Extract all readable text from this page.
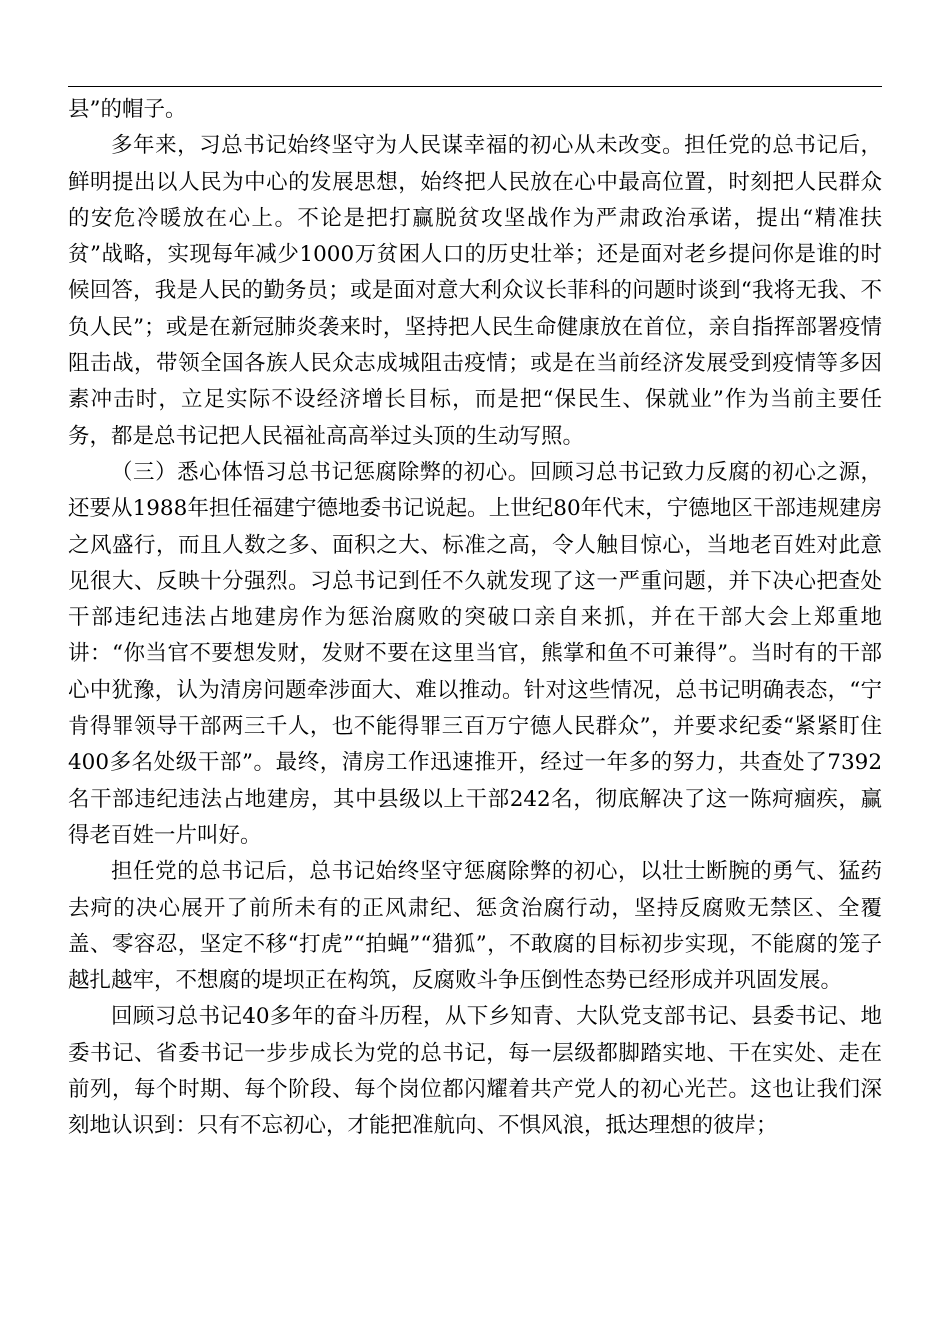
县”的帽子。

多年来，习总书记始终坚守为人民谋幸福的初心从未改变。担任党的总书记后，鲜明提出以人民为中心的发展思想，始终把人民放在心中最高位置，时刻把人民群众的安危冷暖放在心上。不论是把打赢脱贫攻坚战作为严肃政治承诺，提出“精准扶贫”战略，实现每年减少1000万贫困人口的历史壮举；还是面对老乡提问你是谁的时候回答，我是人民的勤务员；或是面对意大利众议长菲科的问题时谈到“我将无我、不负人民”；或是在新冠肺炎袭来时，坚持把人民生命健康放在首位，亲自指挥部署疫情阻击战，带领全国各族人民众志成城阻击疫情；或是在当前经济发展受到疫情等多因素冲击时，立足实际不设经济增长目标，而是把“保民生、保就业”作为当前主要任务，都是总书记把人民福祉高高举过头顶的生动写照。

（三）悉心体悟习总书记惩腐除弊的初心。回顾习总书记致力反腐的初心之源，还要从1988年担任福建宁德地委书记说起。上世纪80年代末，宁德地区干部违规建房之风盛行，而且人数之多、面积之大、标准之高，令人触目惊心，当地老百姓对此意见很大、反映十分强烈。习总书记到任不久就发现了这一严重问题，并下决心把查处干部违纪违法占地建房作为惩治腐败的突破口亲自来抓，并在干部大会上郑重地讲：“你当官不要想发财，发财不要在这里当官，熊掌和鱼不可兼得”。当时有的干部心中犹豫，认为清房问题牵涉面大、难以推动。针对这些情况，总书记明确表态，“宁肯得罪领导干部两三千人，也不能得罪三百万宁德人民群众”，并要求纪委“紧紧盯住400多名处级干部”。最终，清房工作迅速推开，经过一年多的努力，共查处了7392名干部违纪违法占地建房，其中县级以上干部242名，彻底解决了这一陈疴痼疾，赢得老百姓一片叫好。

担任党的总书记后，总书记始终坚守惩腐除弊的初心，以壮士断腕的勇气、猛药去疴的决心展开了前所未有的正风肃纪、惩贪治腐行动，坚持反腐败无禁区、全覆盖、零容忍，坚定不移“打虎”“拍蝇”“猎狐”，不敢腐的目标初步实现，不能腐的笼子越扎越牢，不想腐的堤坝正在构筑，反腐败斗争压倒性态势已经形成并巩固发展。

回顾习总书记40多年的奋斗历程，从下乡知青、大队党支部书记、县委书记、地委书记、省委书记一步步成长为党的总书记，每一层级都脚踏实地、干在实处、走在前列，每个时期、每个阶段、每个岗位都闪耀着共产党人的初心光芒。这也让我们深刻地认识到：只有不忘初心，才能把准航向、不惧风浪，抵达理想的彼岸；
